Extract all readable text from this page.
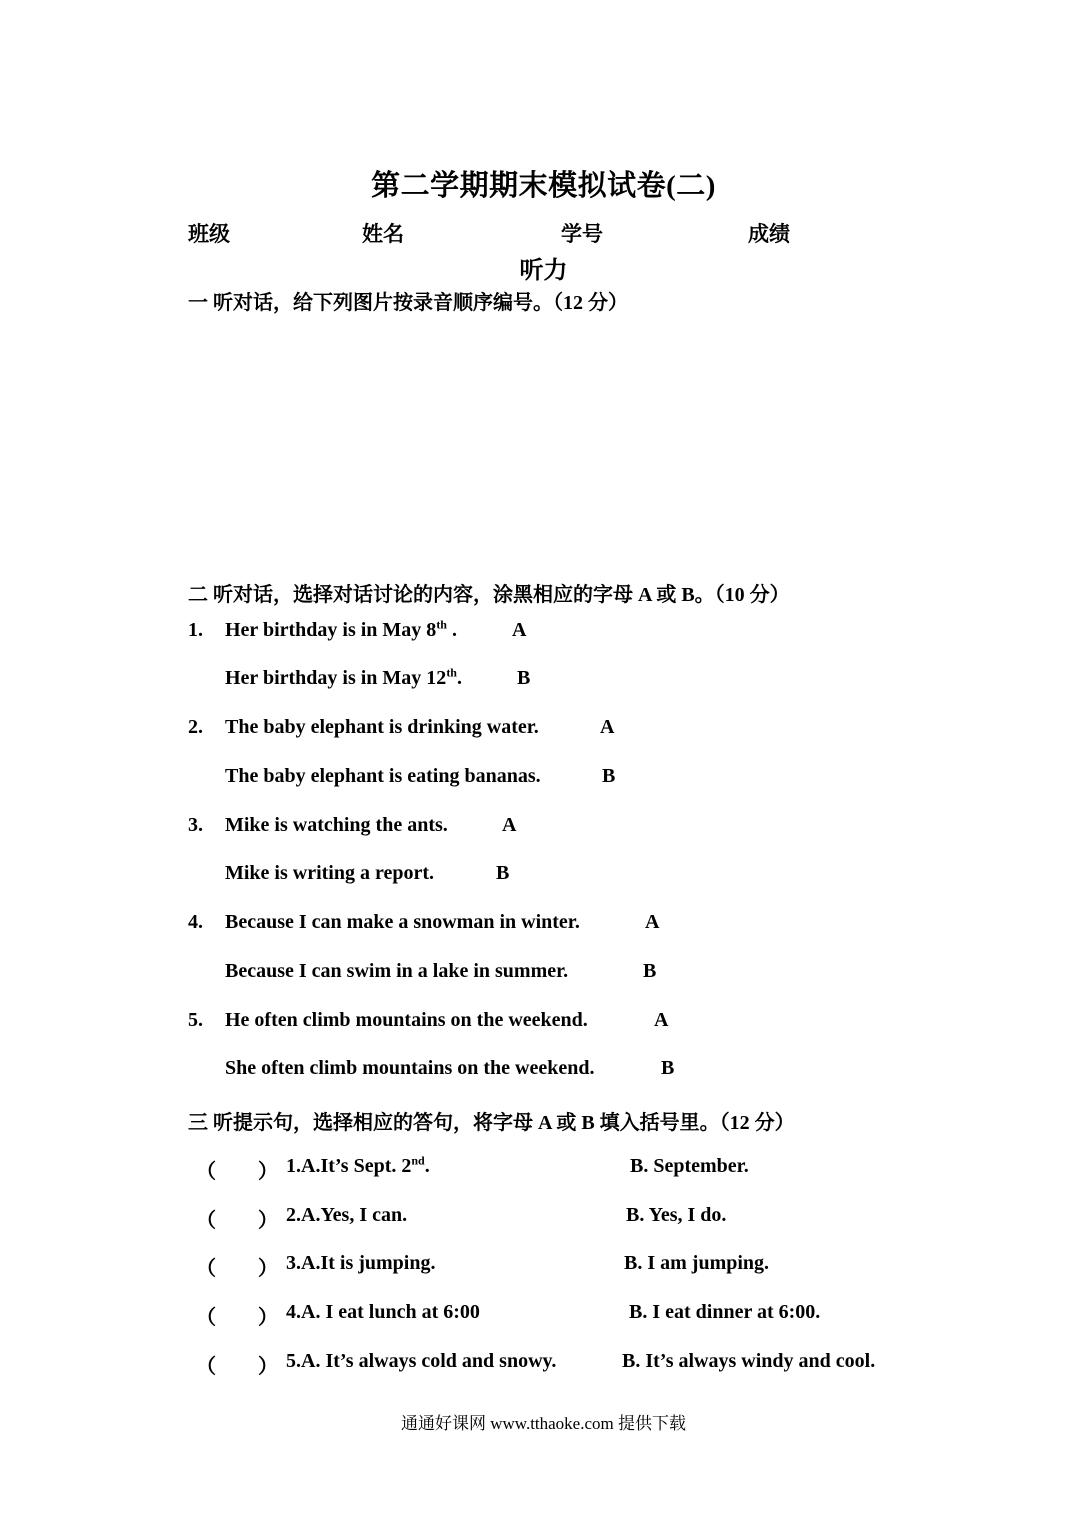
第二学期期末模拟试卷(二)
班级	姓名	学号	成绩
听力
一 听对话，给下列图片按录音顺序编号。（12 分）
二 听对话，选择对话讨论的内容，涂黑相应的字母 A 或 B。（10 分）
1. Her birthday is in May 8th .	A
Her birthday is in May 12th.	B
2. The baby elephant is drinking water.	A
The baby elephant is eating bananas.	B
3. Mike is watching the ants.	A
Mike is writing a report.	B
4. Because I can make a snowman in winter.	A
Because I can swim in a lake in summer.	B
5. He often climb mountains on the weekend.	A
She often climb mountains on the weekend.	B
三 听提示句，选择相应的答句，将字母 A 或 B 填入括号里。（12 分）
（ ） 1.A.It’s Sept. 2nd.	B. September.
（ ） 2.A.Yes, I can.	B. Yes, I do.
（ ） 3.A.It is jumping.	B. I am jumping.
（ ） 4.A. I eat lunch at 6:00	B. I eat dinner at 6:00.
（ ） 5.A. It’s always cold and snowy.	B. It’s always windy and cool.
通通好课网 www.tthaoke.com 提供下载
